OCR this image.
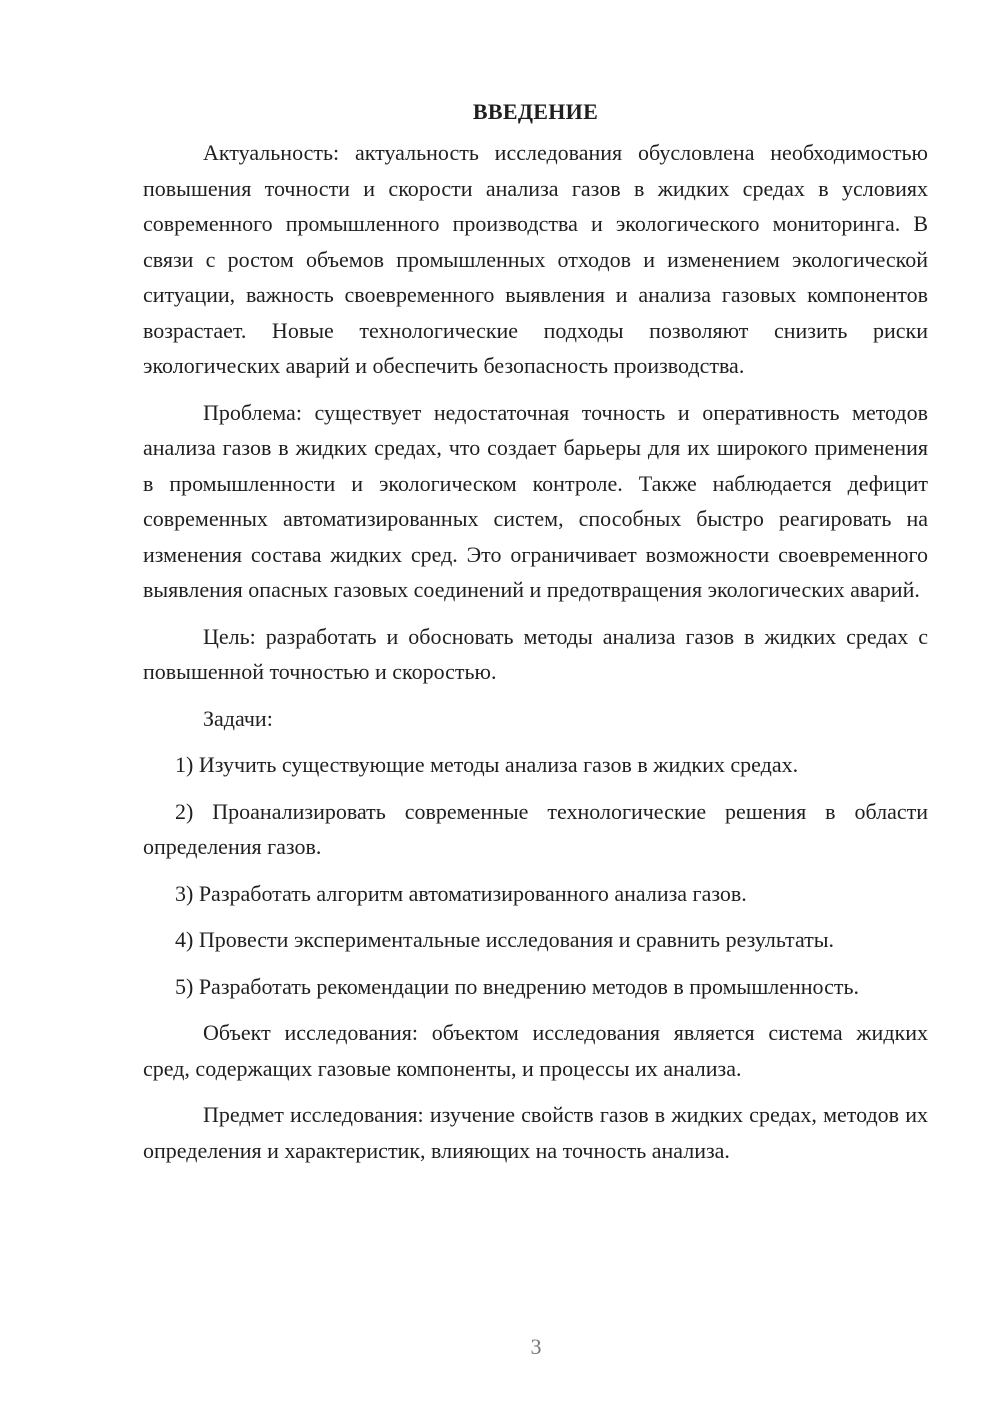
ВВЕДЕНИЕ

Актуальность: актуальность исследования обусловлена необходимостью повышения точности и скорости анализа газов в жидких средах в условиях современного промышленного производства и экологического мониторинга. В связи с ростом объемов промышленных отходов и изменением экологической ситуации, важность своевременного выявления и анализа газовых компонентов возрастает. Новые технологические подходы позволяют снизить риски экологических аварий и обеспечить безопасность производства.

Проблема: существует недостаточная точность и оперативность методов анализа газов в жидких средах, что создает барьеры для их широкого применения в промышленности и экологическом контроле. Также наблюдается дефицит современных автоматизированных систем, способных быстро реагировать на изменения состава жидких сред. Это ограничивает возможности своевременного выявления опасных газовых соединений и предотвращения экологических аварий.

Цель: разработать и обосновать методы анализа газов в жидких средах с повышенной точностью и скоростью.

Задачи:

1) Изучить существующие методы анализа газов в жидких средах.

2) Проанализировать современные технологические решения в области определения газов.

3) Разработать алгоритм автоматизированного анализа газов.

4) Провести экспериментальные исследования и сравнить результаты.

5) Разработать рекомендации по внедрению методов в промышленность.

Объект исследования: объектом исследования является система жидких сред, содержащих газовые компоненты, и процессы их анализа.

Предмет исследования: изучение свойств газов в жидких средах, методов их определения и характеристик, влияющих на точность анализа.

3
